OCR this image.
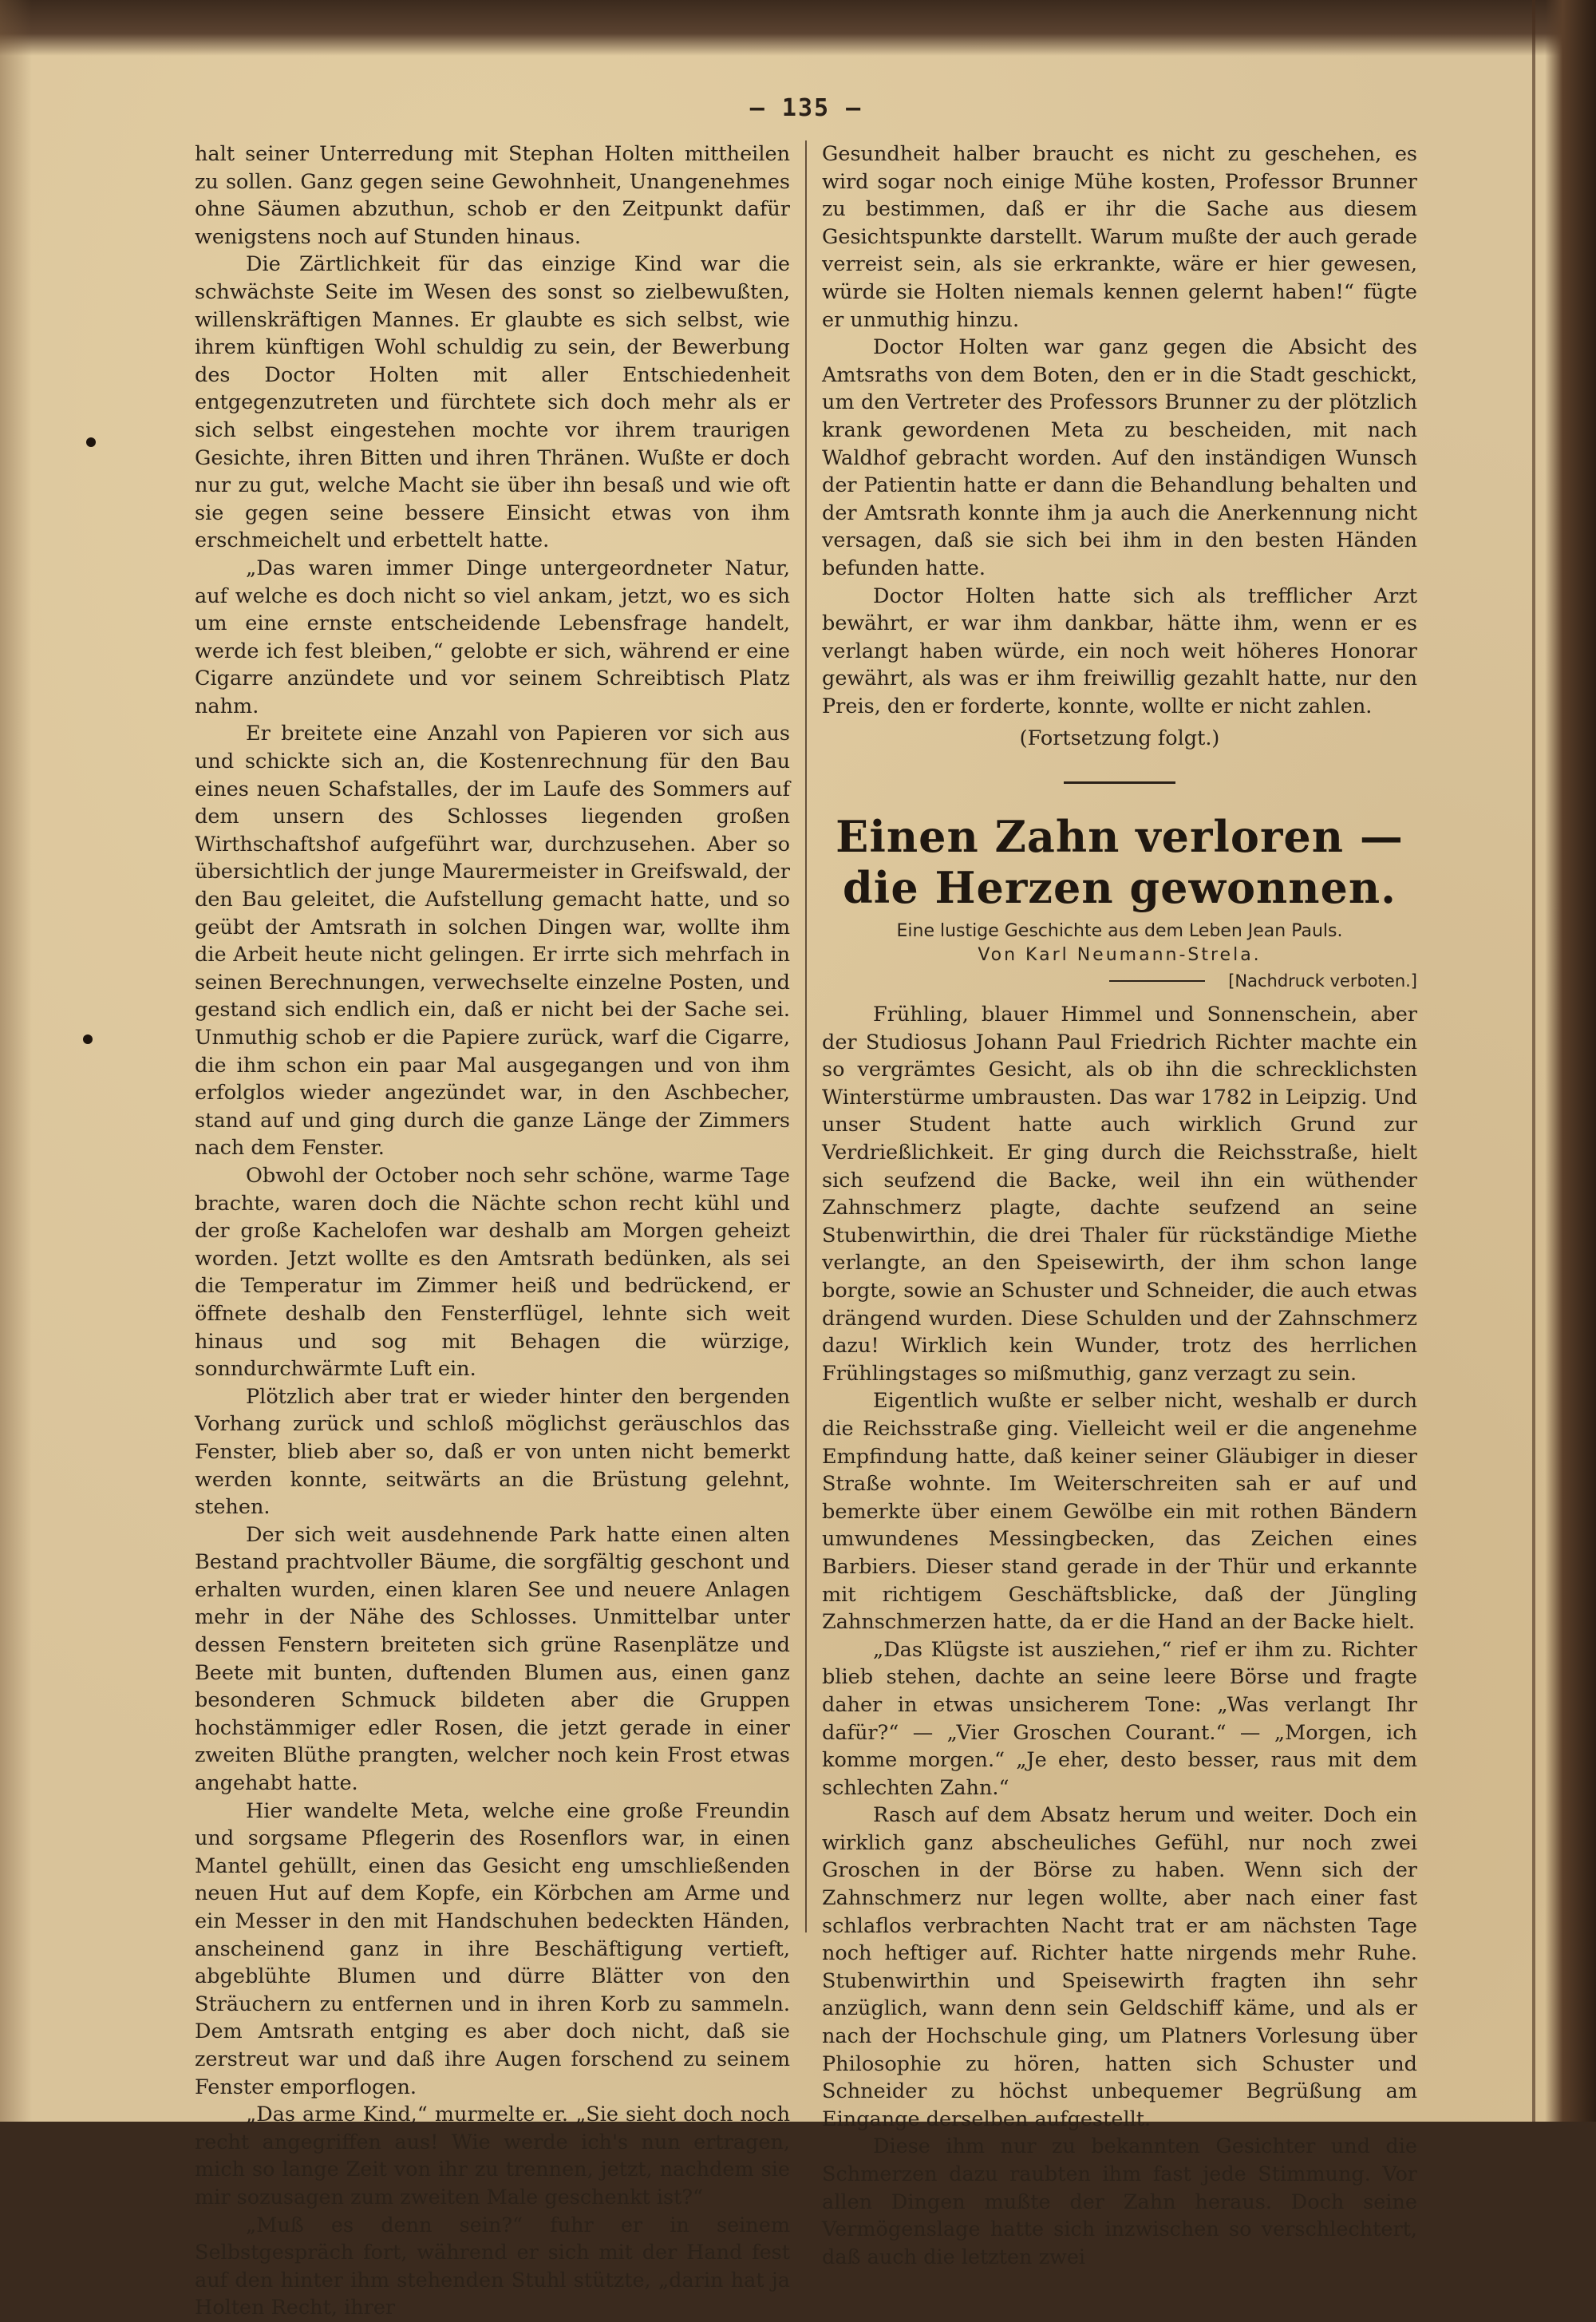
— 135 —

halt seiner Unterredung mit Stephan Holten mittheilen zu sollen. Ganz gegen seine Gewohnheit, Unangenehmes ohne Säumen abzuthun, schob er den Zeitpunkt dafür wenigstens noch auf Stunden hinaus.

Die Zärtlichkeit für das einzige Kind war die schwächste Seite im Wesen des sonst so zielbewußten, willenskräftigen Mannes. Er glaubte es sich selbst, wie ihrem künftigen Wohl schuldig zu sein, der Bewerbung des Doctor Holten mit aller Entschiedenheit entgegenzutreten und fürchtete sich doch mehr als er sich selbst eingestehen mochte vor ihrem traurigen Gesichte, ihren Bitten und ihren Thränen. Wußte er doch nur zu gut, welche Macht sie über ihn besaß und wie oft sie gegen seine bessere Einsicht etwas von ihm erschmeichelt und erbettelt hatte.

„Das waren immer Dinge untergeordneter Natur, auf welche es doch nicht so viel ankam, jetzt, wo es sich um eine ernste entscheidende Lebensfrage handelt, werde ich fest bleiben,“ gelobte er sich, während er eine Cigarre anzündete und vor seinem Schreibtisch Platz nahm.

Er breitete eine Anzahl von Papieren vor sich aus und schickte sich an, die Kostenrechnung für den Bau eines neuen Schafstalles, der im Laufe des Sommers auf dem unsern des Schlosses liegenden großen Wirthschaftshof aufgeführt war, durchzusehen. Aber so übersichtlich der junge Maurermeister in Greifswald, der den Bau geleitet, die Aufstellung gemacht hatte, und so geübt der Amtsrath in solchen Dingen war, wollte ihm die Arbeit heute nicht gelingen. Er irrte sich mehrfach in seinen Berechnungen, verwechselte einzelne Posten, und gestand sich endlich ein, daß er nicht bei der Sache sei. Unmuthig schob er die Papiere zurück, warf die Cigarre, die ihm schon ein paar Mal ausgegangen und von ihm erfolglos wieder angezündet war, in den Aschbecher, stand auf und ging durch die ganze Länge der Zimmers nach dem Fenster.

Obwohl der October noch sehr schöne, warme Tage brachte, waren doch die Nächte schon recht kühl und der große Kachelofen war deshalb am Morgen geheizt worden. Jetzt wollte es den Amtsrath bedünken, als sei die Temperatur im Zimmer heiß und bedrückend, er öffnete deshalb den Fensterflügel, lehnte sich weit hinaus und sog mit Behagen die würzige, sonndurchwärmte Luft ein.

Plötzlich aber trat er wieder hinter den bergenden Vorhang zurück und schloß möglichst geräuschlos das Fenster, blieb aber so, daß er von unten nicht bemerkt werden konnte, seitwärts an die Brüstung gelehnt, stehen.

Der sich weit ausdehnende Park hatte einen alten Bestand prachtvoller Bäume, die sorgfältig geschont und erhalten wurden, einen klaren See und neuere Anlagen mehr in der Nähe des Schlosses. Unmittelbar unter dessen Fenstern breiteten sich grüne Rasenplätze und Beete mit bunten, duftenden Blumen aus, einen ganz besonderen Schmuck bildeten aber die Gruppen hochstämmiger edler Rosen, die jetzt gerade in einer zweiten Blüthe prangten, welcher noch kein Frost etwas angehabt hatte.

Hier wandelte Meta, welche eine große Freundin und sorgsame Pflegerin des Rosenflors war, in einen Mantel gehüllt, einen das Gesicht eng umschließenden neuen Hut auf dem Kopfe, ein Körbchen am Arme und ein Messer in den mit Handschuhen bedeckten Händen, anscheinend ganz in ihre Beschäftigung vertieft, abgeblühte Blumen und dürre Blätter von den Sträuchern zu entfernen und in ihren Korb zu sammeln. Dem Amtsrath entging es aber doch nicht, daß sie zerstreut war und daß ihre Augen forschend zu seinem Fenster emporflogen.

„Das arme Kind,“ murmelte er. „Sie sieht doch noch recht angegriffen aus! Wie werde ich's nun ertragen, mich so lange Zeit von ihr zu trennen, jetzt, nachdem sie mir sozusagen zum zweiten Male geschenkt ist?“

„Muß es denn sein?“ fuhr er in seinem Selbstgespräch fort, während er sich mit der Hand fest auf den hinter ihm stehenden Stuhl stützte, „darin hat ja Holten Recht, ihrer

Gesundheit halber braucht es nicht zu geschehen, es wird sogar noch einige Mühe kosten, Professor Brunner zu bestimmen, daß er ihr die Sache aus diesem Gesichtspunkte darstellt. Warum mußte der auch gerade verreist sein, als sie erkrankte, wäre er hier gewesen, würde sie Holten niemals kennen gelernt haben!“ fügte er unmuthig hinzu.

Doctor Holten war ganz gegen die Absicht des Amtsraths von dem Boten, den er in die Stadt geschickt, um den Vertreter des Professors Brunner zu der plötzlich krank gewordenen Meta zu bescheiden, mit nach Waldhof gebracht worden. Auf den inständigen Wunsch der Patientin hatte er dann die Behandlung behalten und der Amtsrath konnte ihm ja auch die Anerkennung nicht versagen, daß sie sich bei ihm in den besten Händen befunden hatte.

Doctor Holten hatte sich als trefflicher Arzt bewährt, er war ihm dankbar, hätte ihm, wenn er es verlangt haben würde, ein noch weit höheres Honorar gewährt, als was er ihm freiwillig gezahlt hatte, nur den Preis, den er forderte, konnte, wollte er nicht zahlen.

(Fortsetzung folgt.)

Einen Zahn verloren — die Herzen gewonnen.

Eine lustige Geschichte aus dem Leben Jean Pauls.

Von Karl Neumann-Strela.

[Nachdruck verboten.]

Frühling, blauer Himmel und Sonnenschein, aber der Studiosus Johann Paul Friedrich Richter machte ein so vergrämtes Gesicht, als ob ihn die schrecklichsten Winterstürme umbrausten. Das war 1782 in Leipzig. Und unser Student hatte auch wirklich Grund zur Verdrießlichkeit. Er ging durch die Reichsstraße, hielt sich seufzend die Backe, weil ihn ein wüthender Zahnschmerz plagte, dachte seufzend an seine Stubenwirthin, die drei Thaler für rückständige Miethe verlangte, an den Speisewirth, der ihm schon lange borgte, sowie an Schuster und Schneider, die auch etwas drängend wurden. Diese Schulden und der Zahnschmerz dazu! Wirklich kein Wunder, trotz des herrlichen Frühlingstages so mißmuthig, ganz verzagt zu sein.

Eigentlich wußte er selber nicht, weshalb er durch die Reichsstraße ging. Vielleicht weil er die angenehme Empfindung hatte, daß keiner seiner Gläubiger in dieser Straße wohnte. Im Weiterschreiten sah er auf und bemerkte über einem Gewölbe ein mit rothen Bändern umwundenes Messingbecken, das Zeichen eines Barbiers. Dieser stand gerade in der Thür und erkannte mit richtigem Geschäftsblicke, daß der Jüngling Zahnschmerzen hatte, da er die Hand an der Backe hielt.

„Das Klügste ist ausziehen,“ rief er ihm zu. Richter blieb stehen, dachte an seine leere Börse und fragte daher in etwas unsicherem Tone: „Was verlangt Ihr dafür?“ — „Vier Groschen Courant.“ — „Morgen, ich komme morgen.“ „Je eher, desto besser, raus mit dem schlechten Zahn.“

Rasch auf dem Absatz herum und weiter. Doch ein wirklich ganz abscheuliches Gefühl, nur noch zwei Groschen in der Börse zu haben. Wenn sich der Zahnschmerz nur legen wollte, aber nach einer fast schlaflos verbrachten Nacht trat er am nächsten Tage noch heftiger auf. Richter hatte nirgends mehr Ruhe. Stubenwirthin und Speisewirth fragten ihn sehr anzüglich, wann denn sein Geldschiff käme, und als er nach der Hochschule ging, um Platners Vorlesung über Philosophie zu hören, hatten sich Schuster und Schneider zu höchst unbequemer Begrüßung am Eingange derselben aufgestellt.

Diese ihm nur zu bekannten Gesichter und die Schmerzen dazu raubten ihm fast jede Stimmung. Vor allen Dingen mußte der Zahn heraus. Doch seine Vermögenslage hatte sich inzwischen so verschlechtert, daß auch die letzten zwei
